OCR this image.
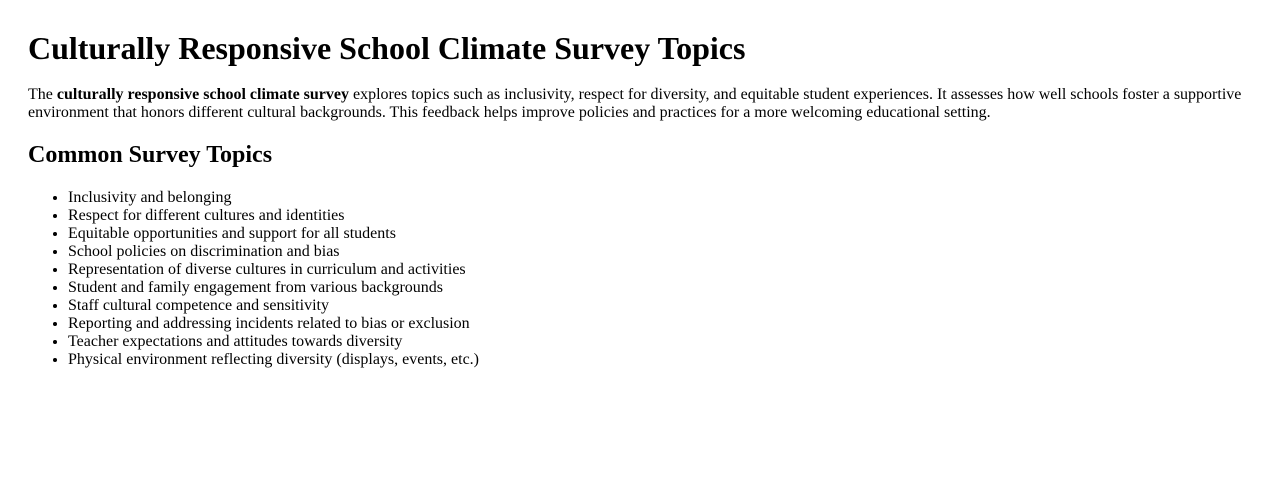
Culturally Responsive School Climate Survey Topics

The culturally responsive school climate survey explores topics such as inclusivity, respect for diversity, and equitable student experiences. It assesses how well schools foster a supportive environment that honors different cultural backgrounds. This feedback helps improve policies and practices for a more welcoming educational setting.

Common Survey Topics
• Inclusivity and belonging
• Respect for different cultures and identities
• Equitable opportunities and support for all students
• School policies on discrimination and bias
• Representation of diverse cultures in curriculum and activities
• Student and family engagement from various backgrounds
• Staff cultural competence and sensitivity
• Reporting and addressing incidents related to bias or exclusion
• Teacher expectations and attitudes towards diversity
• Physical environment reflecting diversity (displays, events, etc.)
